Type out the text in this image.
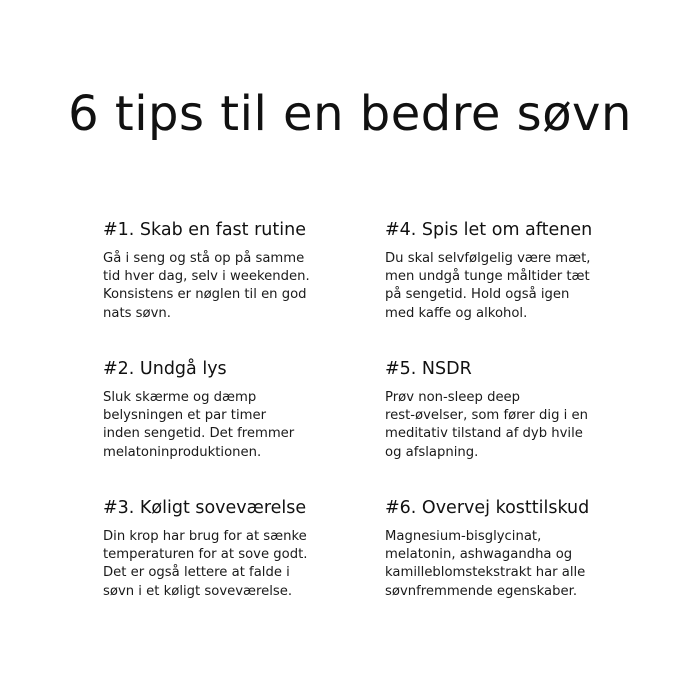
6 tips til en bedre søvn
#1. Skab en fast rutine

Gå i seng og stå op på samme
tid hver dag, selv i weekenden.
Konsistens er nøglen til en god
nats søvn.

#4. Spis let om aftenen

Du skal selvfølgelig være mæt,
men undgå tunge måltider tæt
på sengetid. Hold også igen
med kaffe og alkohol.

#2. Undgå lys

Sluk skærme og dæmp
belysningen et par timer
inden sengetid. Det fremmer
melatoninproduktionen.

#5. NSDR

Prøv non-sleep deep
rest-øvelser, som fører dig i en
meditativ tilstand af dyb hvile
og afslapning.

#3. Køligt soveværelse

Din krop har brug for at sænke
temperaturen for at sove godt.
Det er også lettere at falde i
søvn i et køligt soveværelse.

#6. Overvej kosttilskud

Magnesium-bisglycinat,
melatonin, ashwagandha og
kamilleblomstekstrakt har alle
søvnfremmende egenskaber.
